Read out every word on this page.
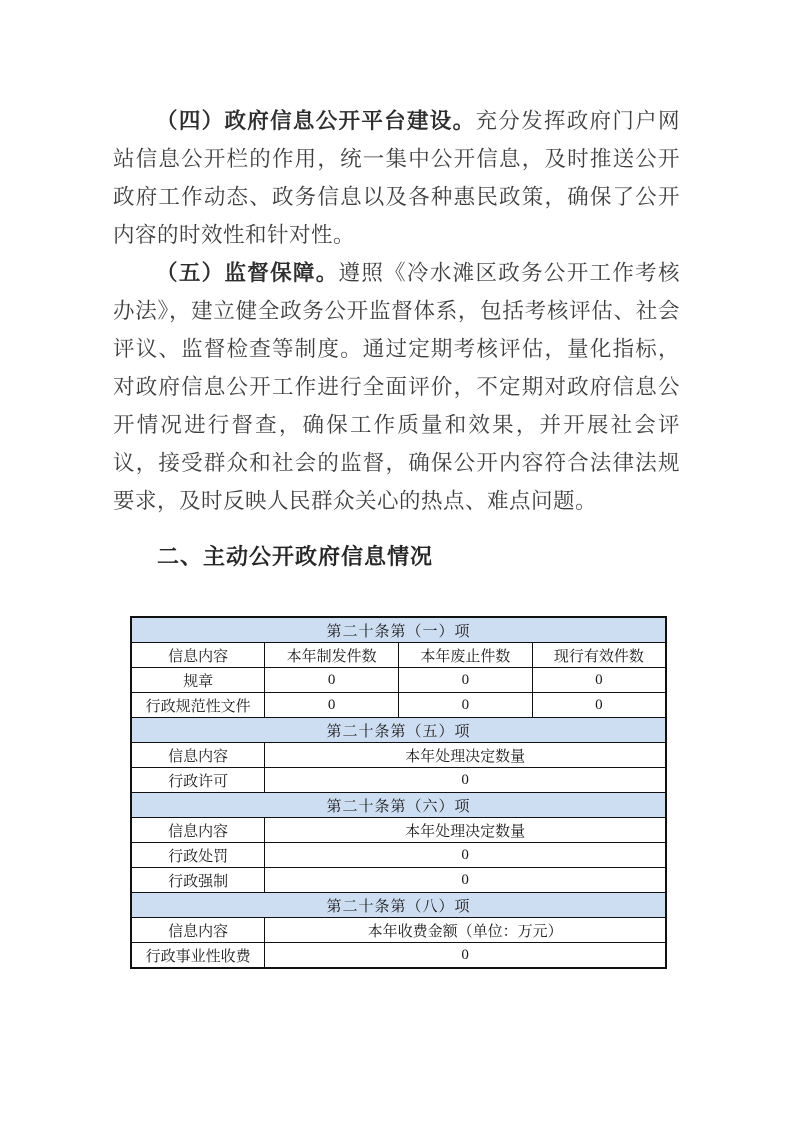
（四）政府信息公开平台建设。充分发挥政府门户网站信息公开栏的作用，统一集中公开信息，及时推送公开政府工作动态、政务信息以及各种惠民政策，确保了公开内容的时效性和针对性。

（五）监督保障。遵照《冷水滩区政务公开工作考核办法》，建立健全政务公开监督体系，包括考核评估、社会评议、监督检查等制度。通过定期考核评估，量化指标，对政府信息公开工作进行全面评价，不定期对政府信息公开情况进行督查，确保工作质量和效果，并开展社会评议，接受群众和社会的监督，确保公开内容符合法律法规要求，及时反映人民群众关心的热点、难点问题。

二、主动公开政府信息情况
第二十条第（一）项			
信息内容	本年制发件数	本年废止件数	现行有效件数
规章	0	0	0
行政规范性文件	0	0	0
第二十条第（五）项			
信息内容	本年处理决定数量		
行政许可	0		
第二十条第（六）项			
信息内容	本年处理决定数量		
行政处罚	0		
行政强制	0		
第二十条第（八）项			
信息内容	本年收费金额（单位：万元）		
行政事业性收费	0		
